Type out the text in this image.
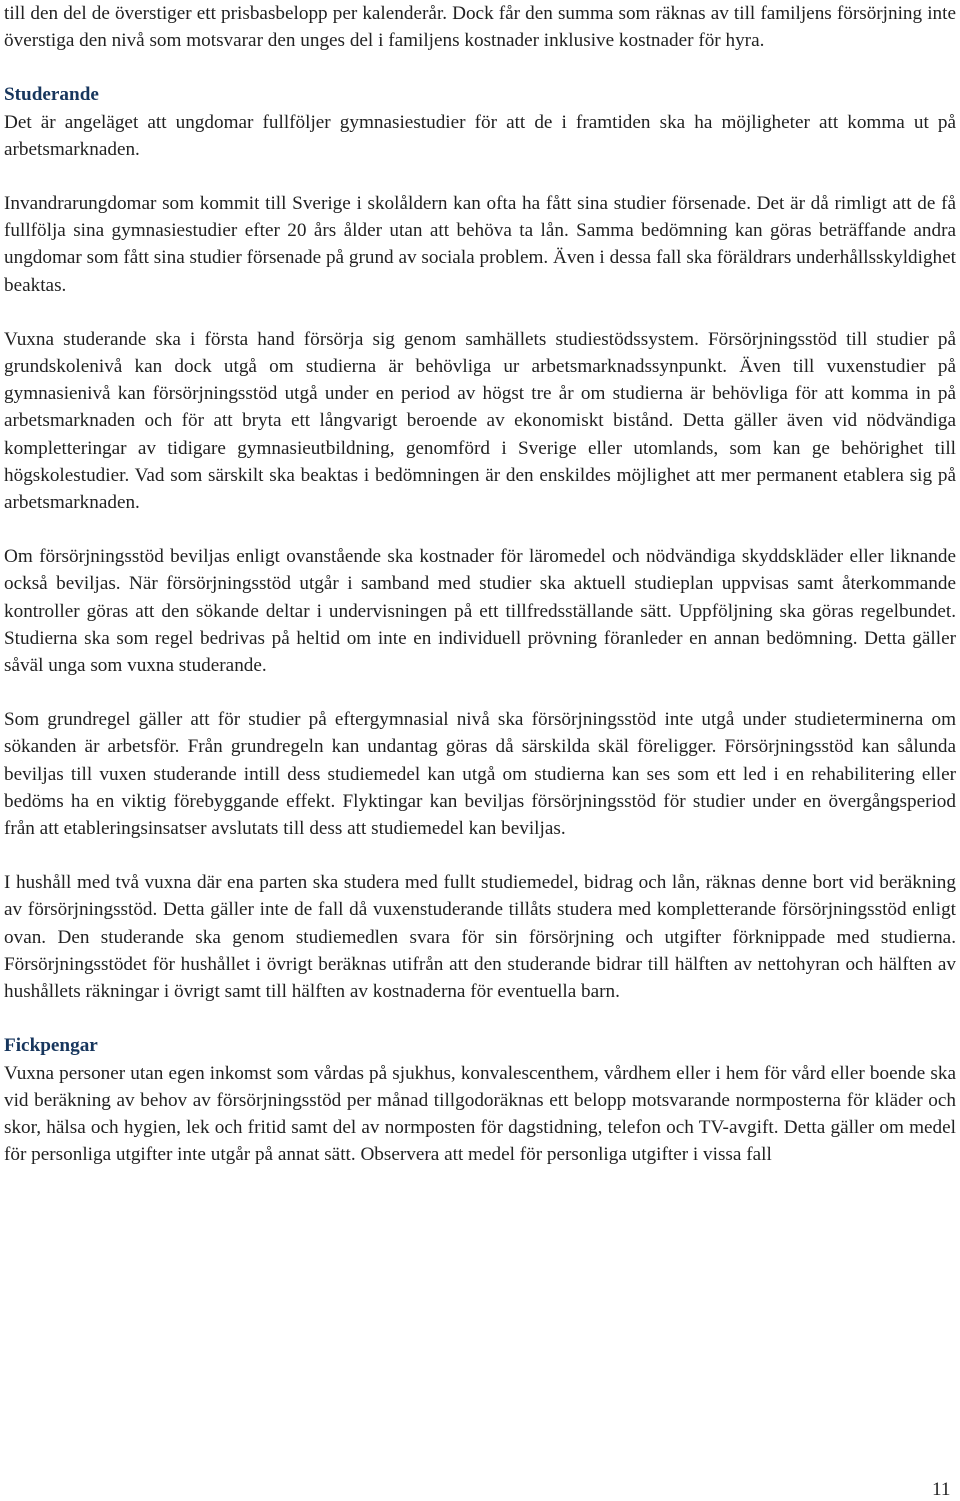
till den del de överstiger ett prisbasbelopp per kalenderår. Dock får den summa som räknas av till familjens försörjning inte överstiga den nivå som motsvarar den unges del i familjens kostnader inklusive kostnader för hyra.

Studerande

Det är angeläget att ungdomar fullföljer gymnasiestudier för att de i framtiden ska ha möjligheter att komma ut på arbetsmarknaden.

Invandrarungdomar som kommit till Sverige i skolåldern kan ofta ha fått sina studier försenade. Det är då rimligt att de få fullfölja sina gymnasiestudier efter 20 års ålder utan att behöva ta lån. Samma bedömning kan göras beträffande andra ungdomar som fått sina studier försenade på grund av sociala problem. Även i dessa fall ska föräldrars underhållsskyldighet beaktas.

Vuxna studerande ska i första hand försörja sig genom samhällets studiestödssystem. Försörjningsstöd till studier på grundskolenivå kan dock utgå om studierna är behövliga ur arbetsmarknadssynpunkt. Även till vuxenstudier på gymnasienivå kan försörjningsstöd utgå under en period av högst tre år om studierna är behövliga för att komma in på arbetsmarknaden och för att bryta ett långvarigt beroende av ekonomiskt bistånd. Detta gäller även vid nödvändiga kompletteringar av tidigare gymnasieutbildning, genomförd i Sverige eller utomlands, som kan ge behörighet till högskolestudier. Vad som särskilt ska beaktas i bedömningen är den enskildes möjlighet att mer permanent etablera sig på arbetsmarknaden.

Om försörjningsstöd beviljas enligt ovanstående ska kostnader för läromedel och nödvändiga skyddskläder eller liknande också beviljas. När försörjningsstöd utgår i samband med studier ska aktuell studieplan uppvisas samt återkommande kontroller göras att den sökande deltar i undervisningen på ett tillfredsställande sätt. Uppföljning ska göras regelbundet. Studierna ska som regel bedrivas på heltid om inte en individuell prövning föranleder en annan bedömning. Detta gäller såväl unga som vuxna studerande.

Som grundregel gäller att för studier på eftergymnasial nivå ska försörjningsstöd inte utgå under studieterminerna om sökanden är arbetsför. Från grundregeln kan undantag göras då särskilda skäl föreligger. Försörjningsstöd kan sålunda beviljas till vuxen studerande intill dess studiemedel kan utgå om studierna kan ses som ett led i en rehabilitering eller bedöms ha en viktig förebyggande effekt. Flyktingar kan beviljas försörjningsstöd för studier under en övergångsperiod från att etableringsinsatser avslutats till dess att studiemedel kan beviljas.

I hushåll med två vuxna där ena parten ska studera med fullt studiemedel, bidrag och lån, räknas denne bort vid beräkning av försörjningsstöd. Detta gäller inte de fall då vuxenstuderande tillåts studera med kompletterande försörjningsstöd enligt ovan. Den studerande ska genom studiemedlen svara för sin försörjning och utgifter förknippade med studierna. Försörjningsstödet för hushållet i övrigt beräknas utifrån att den studerande bidrar till hälften av nettohyran och hälften av hushållets räkningar i övrigt samt till hälften av kostnaderna för eventuella barn.

Fickpengar

Vuxna personer utan egen inkomst som vårdas på sjukhus, konvalescenthem, vårdhem eller i hem för vård eller boende ska vid beräkning av behov av försörjningsstöd per månad tillgodoräknas ett belopp motsvarande normposterna för kläder och skor, hälsa och hygien, lek och fritid samt del av normposten för dagstidning, telefon och TV-avgift. Detta gäller om medel för personliga utgifter inte utgår på annat sätt. Observera att medel för personliga utgifter i vissa fall

11
